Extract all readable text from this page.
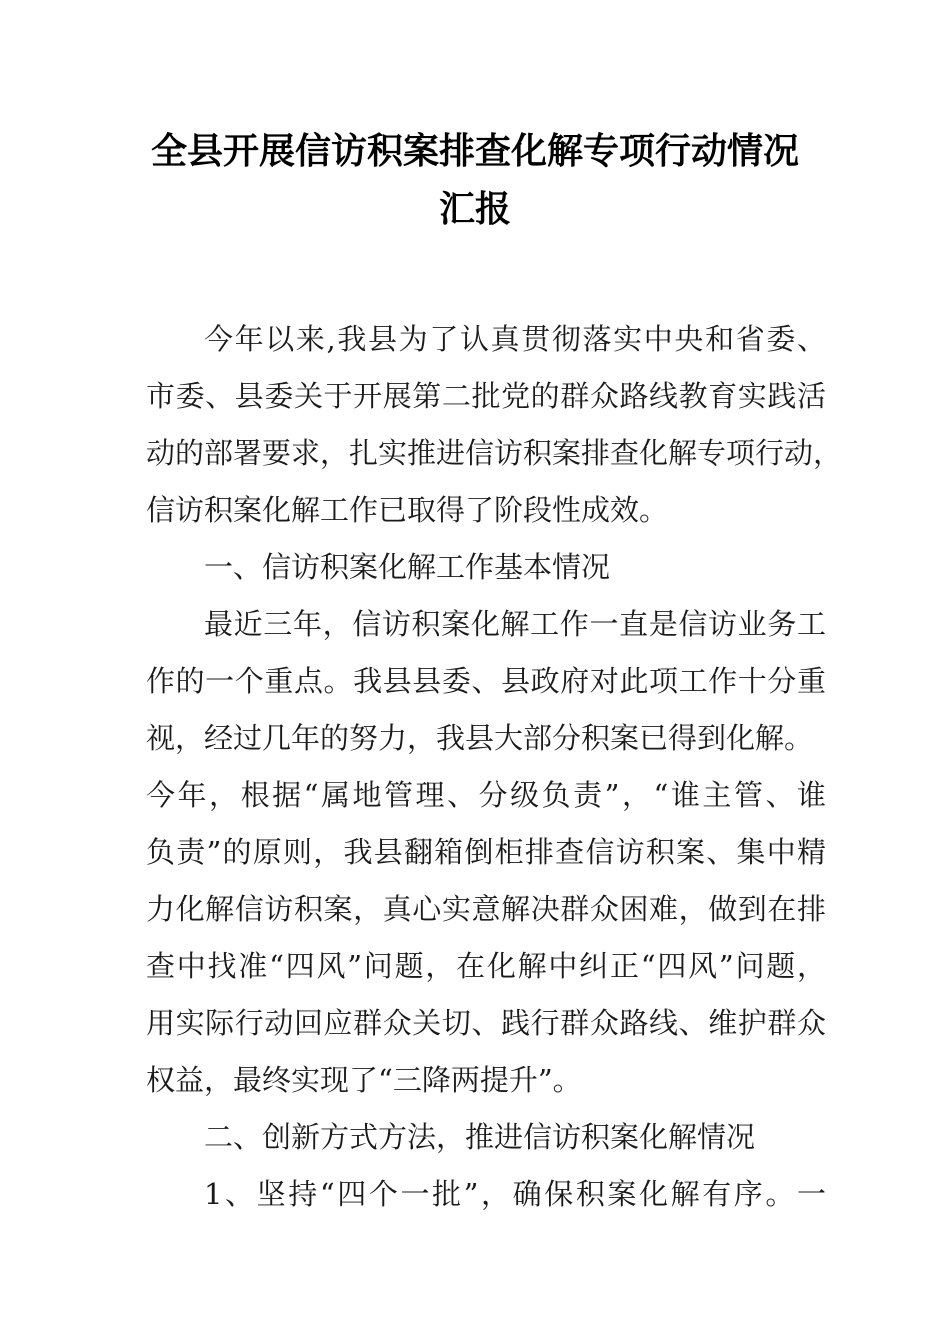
全县开展信访积案排查化解专项行动情况
汇报
今年以来,我县为了认真贯彻落实中央和省委、
市委、县委关于开展第二批党的群众路线教育实践活
动的部署要求，扎实推进信访积案排查化解专项行动，
信访积案化解工作已取得了阶段性成效。
一、信访积案化解工作基本情况
最近三年，信访积案化解工作一直是信访业务工
作的一个重点。我县县委、县政府对此项工作十分重
视，经过几年的努力，我县大部分积案已得到化解。
今年，根据“属地管理、分级负责”，“谁主管、谁
负责”的原则，我县翻箱倒柜排查信访积案、集中精
力化解信访积案，真心实意解决群众困难，做到在排
查中找准“四风”问题，在化解中纠正“四风”问题，
用实际行动回应群众关切、践行群众路线、维护群众
权益，最终实现了“三降两提升”。
二、创新方式方法，推进信访积案化解情况
1、坚持“四个一批”，确保积案化解有序。一
